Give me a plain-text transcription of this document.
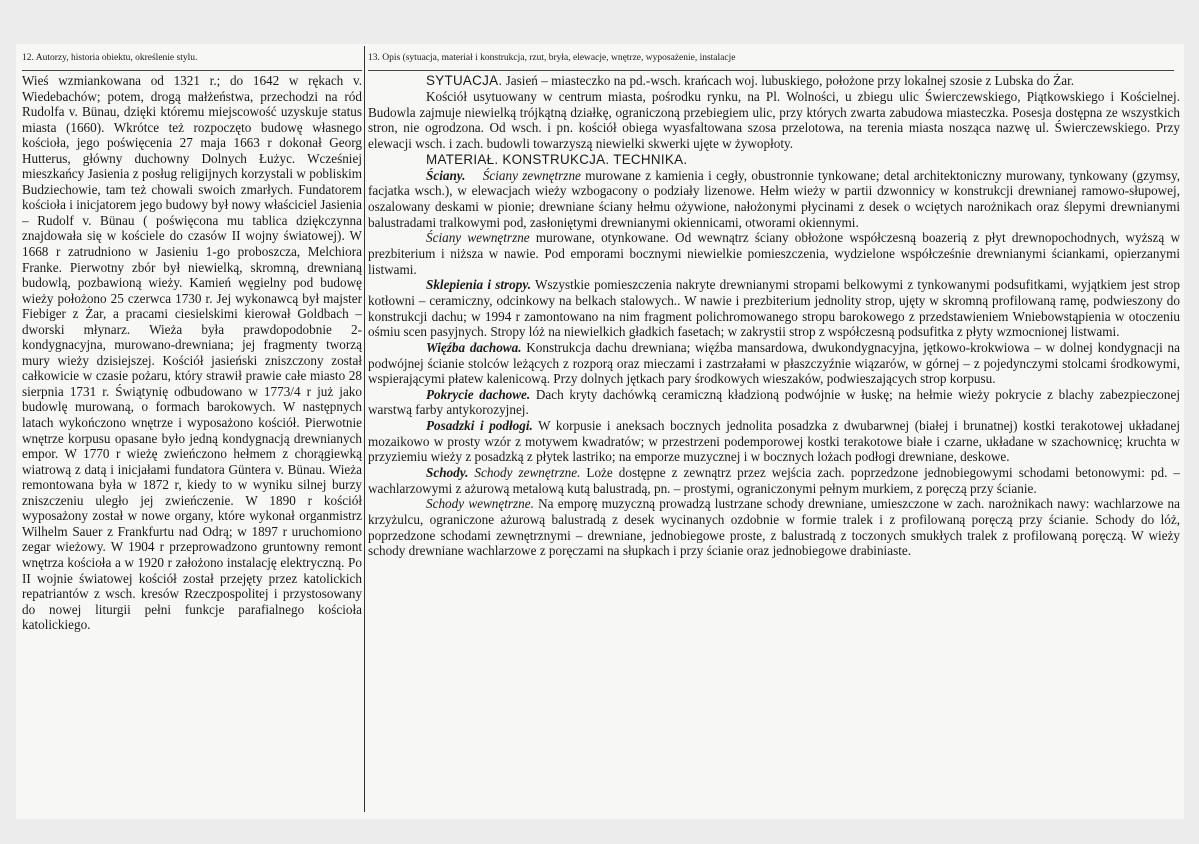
12. Autorzy, historia obiektu, określenie stylu.

Wieś wzmiankowana od 1321 r.; do 1642 w rękach v. Wiedebachów; potem, drogą małżeństwa, przechodzi na ród Rudolfa v. Bünau, dzięki któremu miejscowość uzyskuje status miasta (1660). Wkrótce też rozpoczęto budowę własnego kościoła, jego poświęcenia 27 maja 1663 r dokonał Georg Hutterus, główny duchowny Dolnych Łużyc. Wcześniej mieszkańcy Jasienia z posług religijnych korzystali w pobliskim Budziechowie, tam też chowali swoich zmarłych. Fundatorem kościoła i inicjatorem jego budowy był nowy właściciel Jasienia – Rudolf v. Bünau ( poświęcona mu tablica dziękczynna znajdowała się w kościele do czasów II wojny światowej). W 1668 r zatrudniono w Jasieniu 1-go proboszcza, Melchiora Franke. Pierwotny zbór był niewielką, skromną, drewnianą budowlą, pozbawioną wieży. Kamień węgielny pod budowę wieży położono 25 czerwca 1730 r. Jej wykonawcą był majster Fiebiger z Żar, a pracami ciesielskimi kierował Goldbach – dworski młynarz. Wieża była prawdopodobnie 2-kondygnacyjna, murowano-drewniana; jej fragmenty tworzą mury wieży dzisiejszej. Kościół jasieński zniszczony został całkowicie w czasie pożaru, który strawił prawie całe miasto 28 sierpnia 1731 r. Świątynię odbudowano w 1773/4 r już jako budowlę murowaną, o formach barokowych. W następnych latach wykończono wnętrze i wyposażono kościół. Pierwotnie wnętrze korpusu opasane było jedną kondygnacją drewnianych empor. W 1770 r wieżę zwieńczono hełmem z chorągiewką wiatrową z datą i inicjałami fundatora Güntera v. Bünau. Wieża remontowana była w 1872 r, kiedy to w wyniku silnej burzy zniszczeniu uległo jej zwieńczenie. W 1890 r kościół wyposażony został w nowe organy, które wykonał organmistrz Wilhelm Sauer z Frankfurtu nad Odrą; w 1897 r uruchomiono zegar wieżowy. W 1904 r przeprowadzono gruntowny remont wnętrza kościoła a w 1920 r założono instalację elektryczną. Po II wojnie światowej kościół został przejęty przez katolickich repatriantów z wsch. kresów Rzeczpospolitej i przystosowany do nowej liturgii pełni funkcje parafialnego kościoła katolickiego.

13. Opis (sytuacja, materiał i konstrukcja, rzut, bryła, elewacje, wnętrze, wyposażenie, instalacje

SYTUACJA. Jasień – miasteczko na pd.-wsch. krańcach woj. lubuskiego, położone przy lokalnej szosie z Lubska do Żar.

Kościół usytuowany w centrum miasta, pośrodku rynku, na Pl. Wolności, u zbiegu ulic Świerczewskiego, Piątkowskiego i Kościelnej. Budowla zajmuje niewielką trójkątną działkę, ograniczoną przebiegiem ulic, przy których zwarta zabudowa miasteczka. Posesja dostępna ze wszystkich stron, nie ogrodzona. Od wsch. i pn. kościół obiega wyasfaltowana szosa przelotowa, na terenia miasta nosząca nazwę ul. Świerczewskiego. Przy elewacji wsch. i zach. budowli towarzyszą niewielki skwerki ujęte w żywopłoty.

MATERIAŁ. KONSTRUKCJA. TECHNIKA.

Ściany. Ściany zewnętrzne murowane z kamienia i cegły, obustronnie tynkowane; detal architektoniczny murowany, tynkowany (gzymsy, facjatka wsch.), w elewacjach wieży wzbogacony o podziały lizenowe. Hełm wieży w partii dzwonnicy w konstrukcji drewnianej ramowo-słupowej, oszalowany deskami w pionie; drewniane ściany hełmu ożywione, nałożonymi płycinami z desek o wciętych narożnikach oraz ślepymi drewnianymi balustradami tralkowymi pod, zasłoniętymi drewnianymi okiennicami, otworami okiennymi.

Ściany wewnętrzne murowane, otynkowane. Od wewnątrz ściany obłożone współczesną boazerią z płyt drewnopochodnych, wyższą w prezbiterium i niższa w nawie. Pod emporami bocznymi niewielkie pomieszczenia, wydzielone współcześnie drewnianymi ściankami, opierzanymi listwami.

Sklepienia i stropy. Wszystkie pomieszczenia nakryte drewnianymi stropami belkowymi z tynkowanymi podsufitkami, wyjątkiem jest strop kotłowni – ceramiczny, odcinkowy na belkach stalowych.. W nawie i prezbiterium jednolity strop, ujęty w skromną profilowaną ramę, podwieszony do konstrukcji dachu; w 1994 r zamontowano na nim fragment polichromowanego stropu barokowego z przedstawieniem Wniebowstąpienia w otoczeniu ośmiu scen pasyjnych. Stropy lóż na niewielkich gładkich fasetach; w zakrystii strop z współczesną podsufitka z płyty wzmocnionej listwami.

Więźba dachowa. Konstrukcja dachu drewniana; więźba mansardowa, dwukondygnacyjna, jętkowo-krokwiowa – w dolnej kondygnacji na podwójnej ścianie stolców leżących z rozporą oraz mieczami i zastrzałami w płaszczyźnie wiązarów, w górnej – z pojedynczymi stolcami środkowymi, wspierającymi płatew kalenicową. Przy dolnych jętkach pary środkowych wieszaków, podwieszających strop korpusu.

Pokrycie dachowe. Dach kryty dachówką ceramiczną kładzioną podwójnie w łuskę; na hełmie wieży pokrycie z blachy zabezpieczonej warstwą farby antykorozyjnej.

Posadzki i podłogi. W korpusie i aneksach bocznych jednolita posadzka z dwubarwnej (białej i brunatnej) kostki terakotowej układanej mozaikowo w prosty wzór z motywem kwadratów; w przestrzeni podemporowej kostki terakotowe białe i czarne, układane w szachownicę; kruchta w przyziemiu wieży z posadzką z płytek lastriko; na emporze muzycznej i w bocznych lożach podłogi drewniane, deskowe.

Schody. Schody zewnętrzne. Loże dostępne z zewnątrz przez wejścia zach. poprzedzone jednobiegowymi schodami betonowymi: pd. – wachlarzowymi z ażurową metalową kutą balustradą, pn. – prostymi, ograniczonymi pełnym murkiem, z poręczą przy ścianie.

Schody wewnętrzne. Na emporę muzyczną prowadzą lustrzane schody drewniane, umieszczone w zach. narożnikach nawy: wachlarzowe na krzyżulcu, ograniczone ażurową balustradą z desek wycinanych ozdobnie w formie tralek i z profilowaną poręczą przy ścianie. Schody do lóż, poprzedzone schodami zewnętrznymi – drewniane, jednobiegowe proste, z balustradą z toczonych smukłych tralek z profilowaną poręczą. W wieży schody drewniane wachlarzowe z poręczami na słupkach i przy ścianie oraz jednobiegowe drabiniaste.
